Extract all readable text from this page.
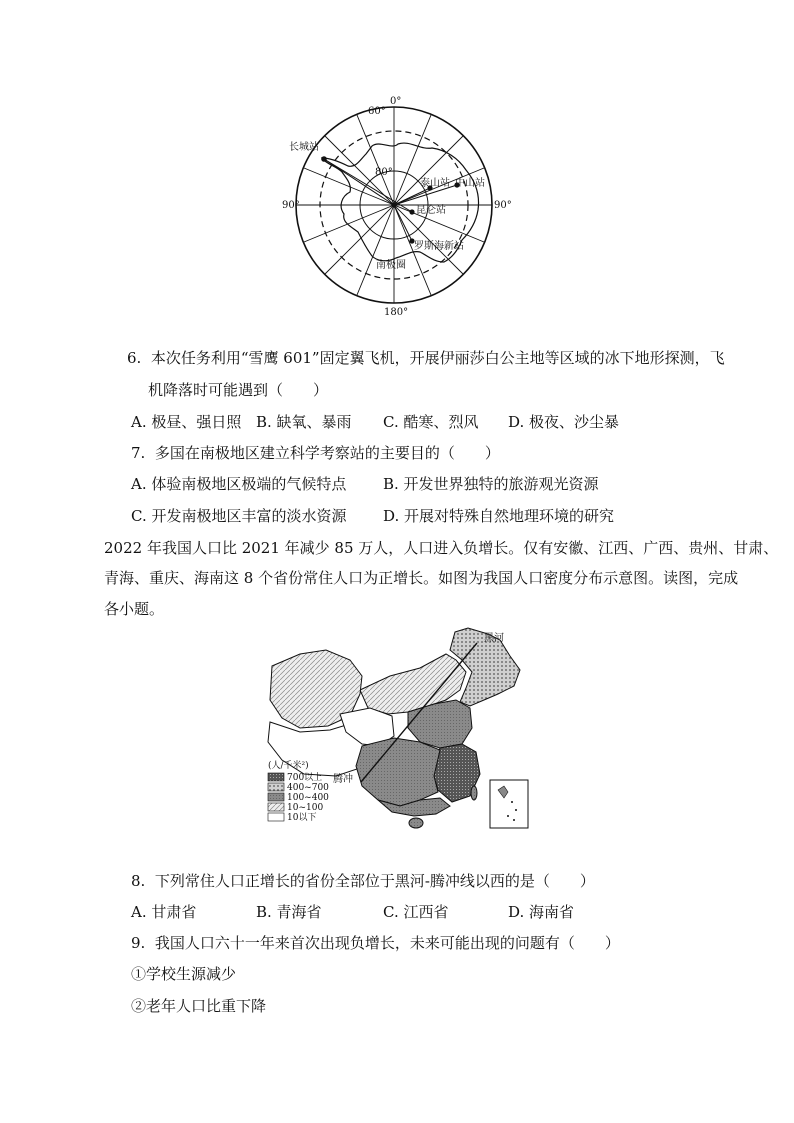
0°
60°
80°
90°	90°
180°
长城站
泰山站 中山站
昆仑站
罗斯海新站
南极圈
6. 本次任务利用“雪鹰 601”固定翼飞机，开展伊丽莎白公主地等区域的冰下地形探测，飞
机降落时可能遇到（　　）
A. 极昼、强日照 B. 缺氧、暴雨 C. 酷寒、烈风 D. 极夜、沙尘暴
7. 多国在南极地区建立科学考察站的主要目的（　　）
A. 体验南极地区极端的气候特点 B. 开发世界独特的旅游观光资源
C. 开发南极地区丰富的淡水资源 D. 开展对特殊自然地理环境的研究
2022 年我国人口比 2021 年减少 85 万人，人口进入负增长。仅有安徽、江西、广西、贵州、甘肃、
青海、重庆、海南这 8 个省份常住人口为正增长。如图为我国人口密度分布示意图。读图，完成
各小题。
黑河
腾冲
(人/千米²)
700以上
400~700
100~400
10~100
10以下
8. 下列常住人口正增长的省份全部位于黑河-腾冲线以西的是（　　）
A. 甘肃省	B. 青海省	C. 江西省	D. 海南省
9. 我国人口六十一年来首次出现负增长，未来可能出现的问题有（　　）
①学校生源减少
②老年人口比重下降
